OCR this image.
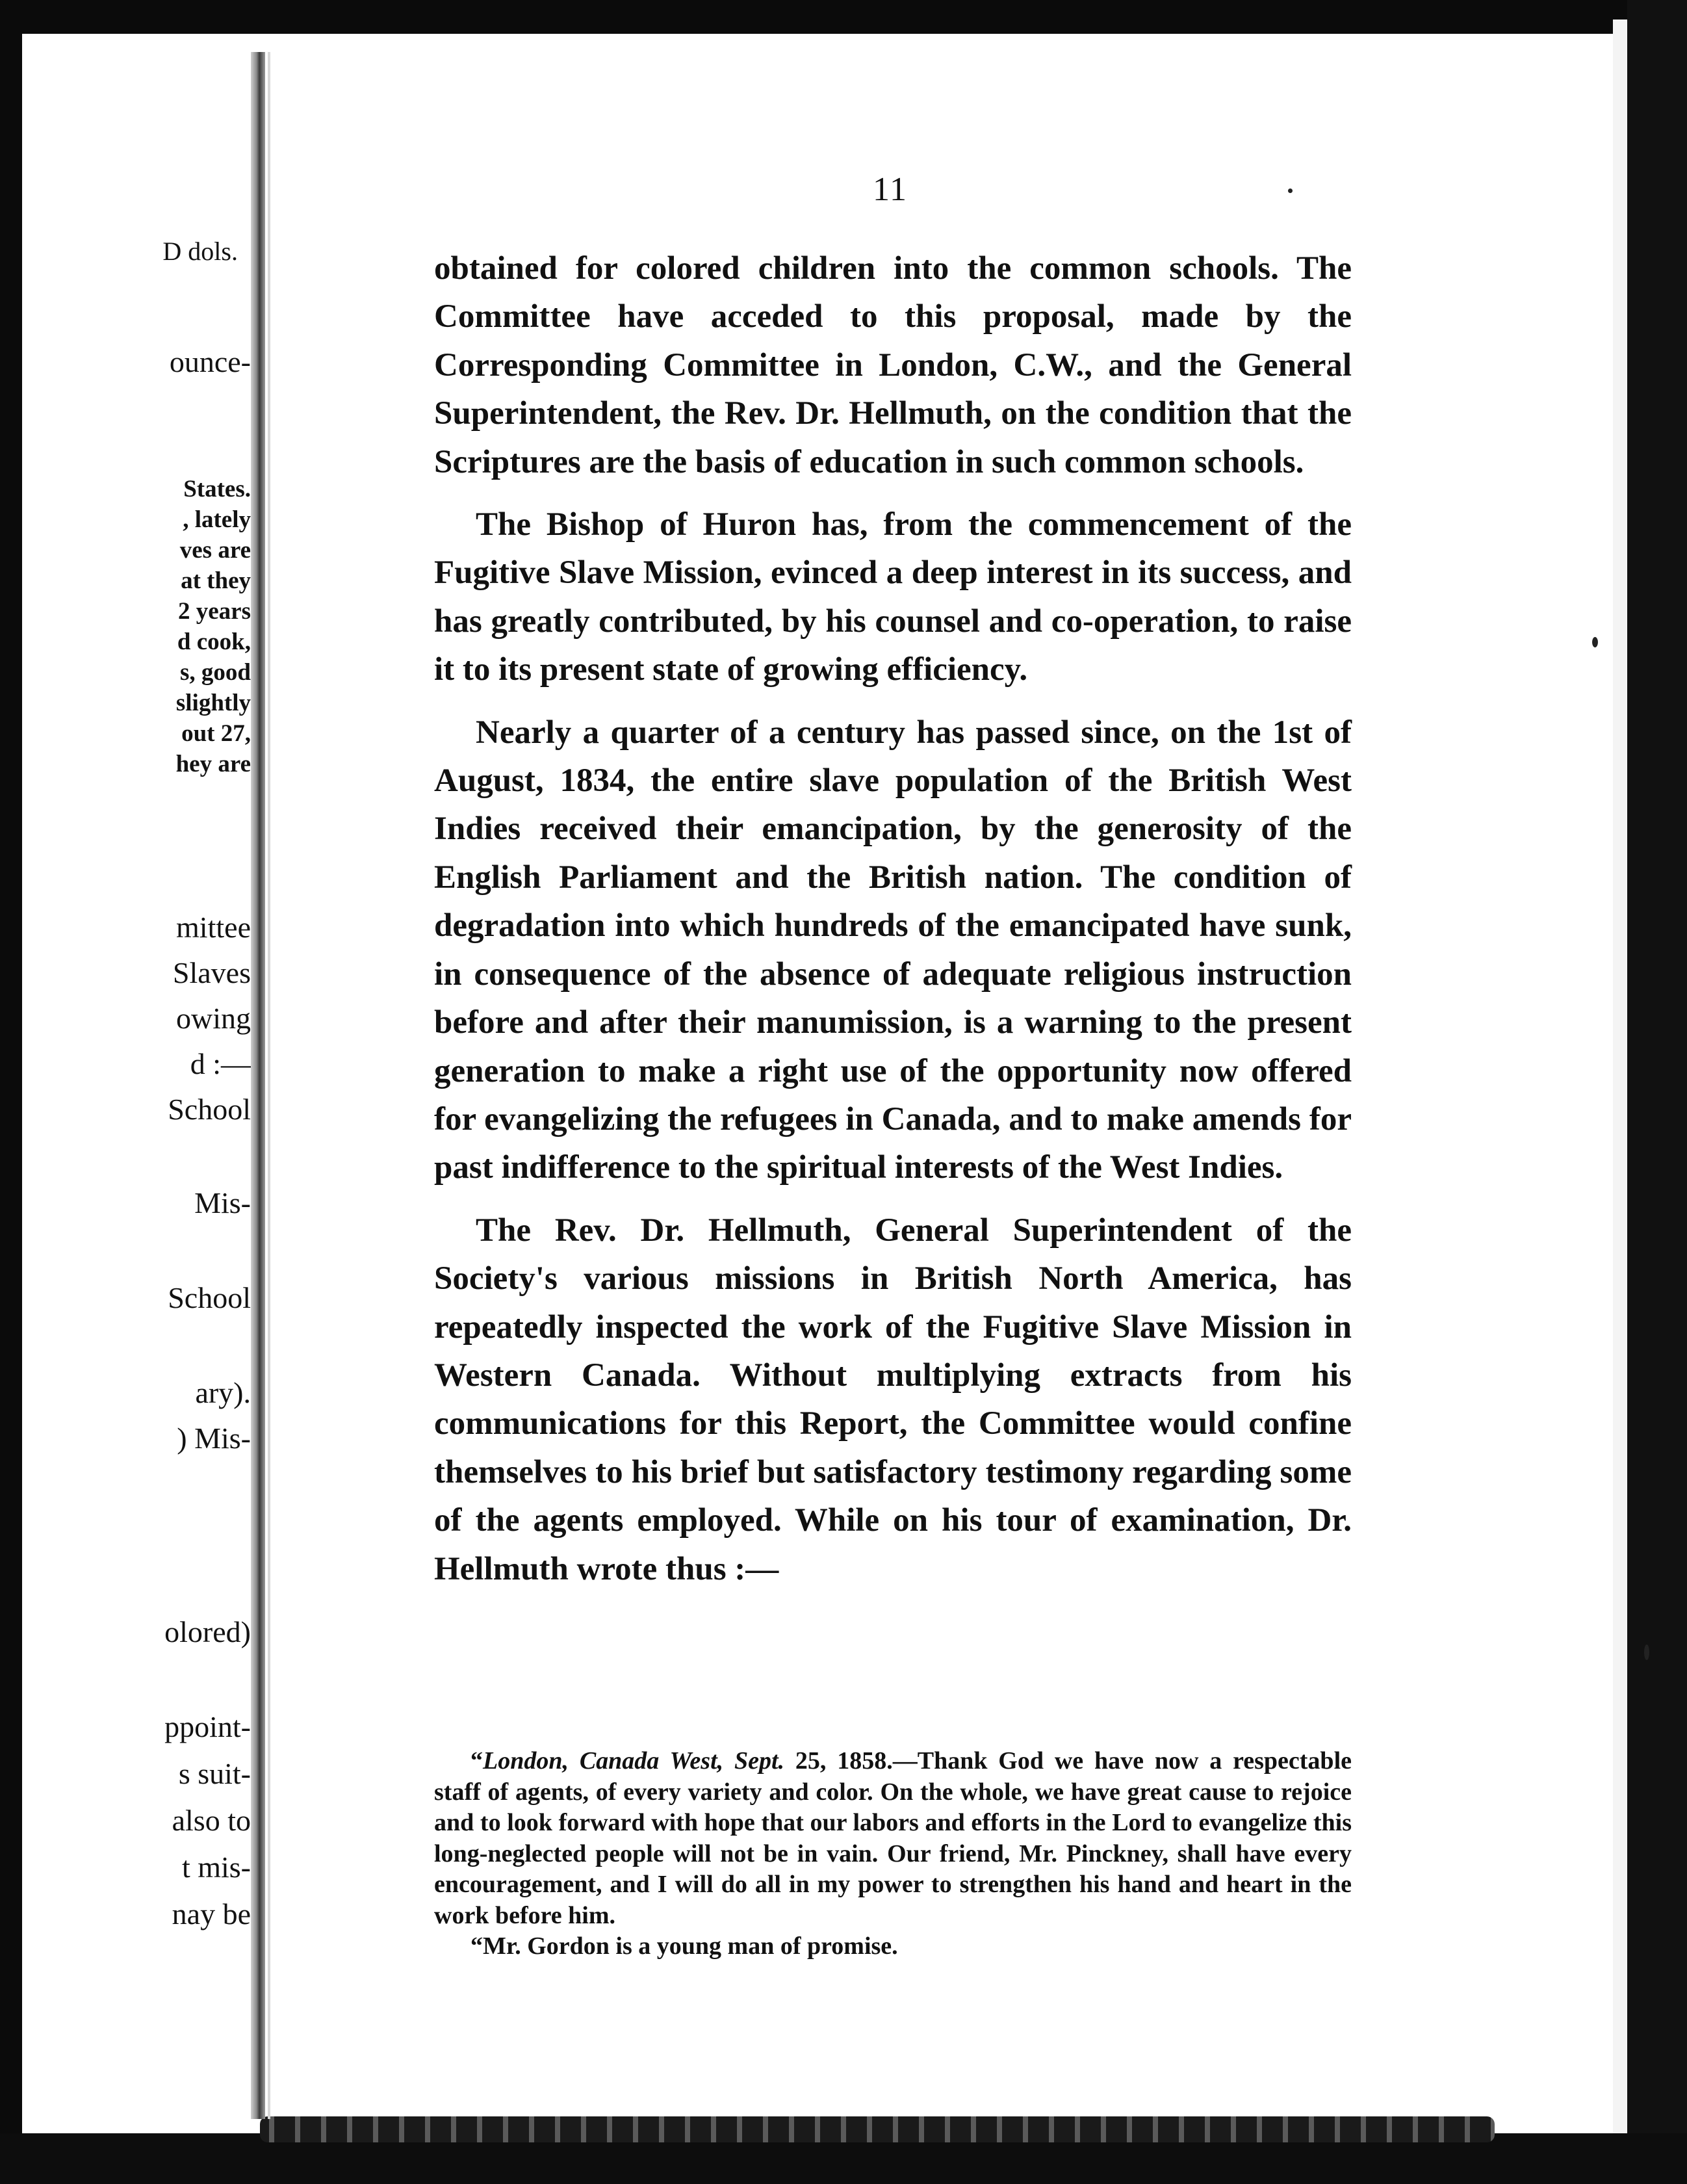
D dols.
ounce-
States.
, lately
ves are
at they
2 years
d cook,
s, good
slightly
out 27,
hey are
mittee
Slaves
owing
d :—
School
Mis-
School
ary).
) Mis-
olored)
ppoint-
s suit-
also to
t mis-
nay be
11

obtained for colored children into the common schools. The Committee have acceded to this proposal, made by the Corresponding Committee in London, C.W., and the General Superintendent, the Rev. Dr. Hellmuth, on the condition that the Scriptures are the basis of education in such common schools.

The Bishop of Huron has, from the commencement of the Fugitive Slave Mission, evinced a deep interest in its success, and has greatly contributed, by his counsel and co-operation, to raise it to its present state of growing efficiency.

Nearly a quarter of a century has passed since, on the 1st of August, 1834, the entire slave population of the British West Indies received their emancipation, by the generosity of the English Parliament and the British nation. The condition of degradation into which hundreds of the emancipated have sunk, in consequence of the absence of adequate religious instruction before and after their manumission, is a warning to the present generation to make a right use of the opportunity now offered for evangelizing the refugees in Canada, and to make amends for past indifference to the spiritual interests of the West Indies.

The Rev. Dr. Hellmuth, General Superintendent of the Society's various missions in British North America, has repeatedly inspected the work of the Fugitive Slave Mission in Western Canada. Without multiplying extracts from his communications for this Report, the Committee would confine themselves to his brief but satisfactory testimony regarding some of the agents employed. While on his tour of examination, Dr. Hellmuth wrote thus :—

“London, Canada West, Sept. 25, 1858.—Thank God we have now a respectable staff of agents, of every variety and color. On the whole, we have great cause to rejoice and to look forward with hope that our labors and efforts in the Lord to evangelize this long-neglected people will not be in vain. Our friend, Mr. Pinckney, shall have every encouragement, and I will do all in my power to strengthen his hand and heart in the work before him.

“Mr. Gordon is a young man of promise.
